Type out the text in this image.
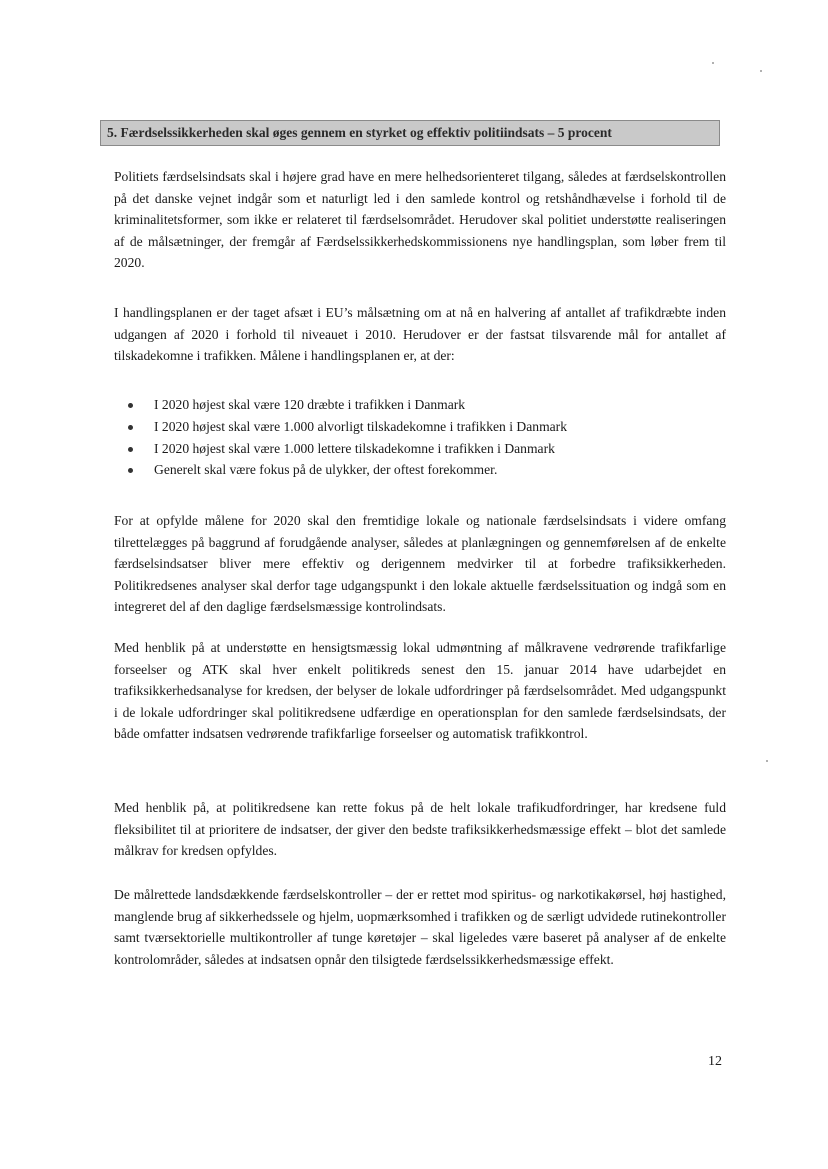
5. Færdselssikkerheden skal øges gennem en styrket og effektiv politiindsats – 5 procent

Politiets færdselsindsats skal i højere grad have en mere helhedsorienteret tilgang, således at færdselskontrollen på det danske vejnet indgår som et naturligt led i den samlede kontrol og retshåndhævelse i forhold til de kriminalitetsformer, som ikke er relateret til færdselsområdet. Herudover skal politiet understøtte realiseringen af de målsætninger, der fremgår af Færdselssikkerhedskommissionens nye handlingsplan, som løber frem til 2020.

I handlingsplanen er der taget afsæt i EU’s målsætning om at nå en halvering af antallet af trafikdræbte inden udgangen af 2020 i forhold til niveauet i 2010. Herudover er der fastsat tilsvarende mål for antallet af tilskadekomne i trafikken. Målene i handlingsplanen er, at der:

I 2020 højest skal være 120 dræbte i trafikken i Danmark
I 2020 højest skal være 1.000 alvorligt tilskadekomne i trafikken i Danmark
I 2020 højest skal være 1.000 lettere tilskadekomne i trafikken i Danmark
Generelt skal være fokus på de ulykker, der oftest forekommer.

For at opfylde målene for 2020 skal den fremtidige lokale og nationale færdselsindsats i videre omfang tilrettelægges på baggrund af forudgående analyser, således at planlægningen og gennemførelsen af de enkelte færdselsindsatser bliver mere effektiv og derigennem medvirker til at forbedre trafiksikkerheden. Politikredsenes analyser skal derfor tage udgangspunkt i den lokale aktuelle færdselssituation og indgå som en integreret del af den daglige færdselsmæssige kontrolindsats.

Med henblik på at understøtte en hensigtsmæssig lokal udmøntning af målkravene vedrørende trafikfarlige forseelser og ATK skal hver enkelt politikreds senest den 15. januar 2014 have udarbejdet en trafiksikkerhedsanalyse for kredsen, der belyser de lokale udfordringer på færdselsområdet. Med udgangspunkt i de lokale udfordringer skal politikredsene udfærdige en operationsplan for den samlede færdselsindsats, der både omfatter indsatsen vedrørende trafikfarlige forseelser og automatisk trafikkontrol.

Med henblik på, at politikredsene kan rette fokus på de helt lokale trafikudfordringer, har kredsene fuld fleksibilitet til at prioritere de indsatser, der giver den bedste trafiksikkerhedsmæssige effekt – blot det samlede målkrav for kredsen opfyldes.

De målrettede landsdækkende færdselskontroller – der er rettet mod spiritus- og narkotikakørsel, høj hastighed, manglende brug af sikkerhedssele og hjelm, uopmærksomhed i trafikken og de særligt udvidede rutinekontroller samt tværsektorielle multikontroller af tunge køretøjer – skal ligeledes være baseret på analyser af de enkelte kontrolområder, således at indsatsen opnår den tilsigtede færdselssikkerhedsmæssige effekt.

12
